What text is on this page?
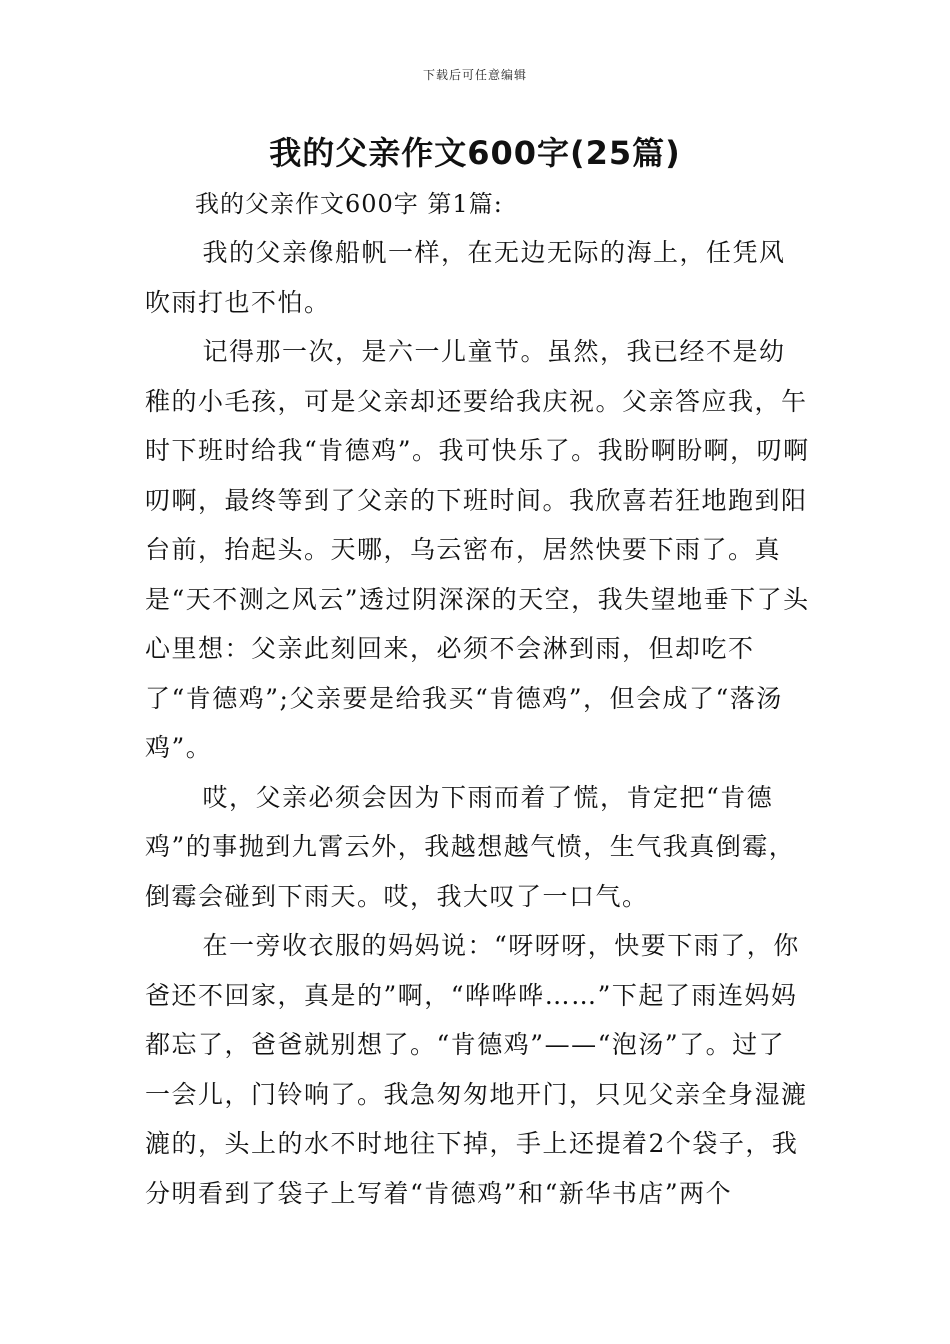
下载后可任意编辑
我的父亲作文600字(25篇)
我的父亲作文600字 第1篇:

我的父亲像船帆一样，在无边无际的海上，任凭风吹雨打也不怕。

记得那一次，是六一儿童节。虽然，我已经不是幼稚的小毛孩，可是父亲却还要给我庆祝。父亲答应我，午时下班时给我“肯德鸡”。我可快乐了。我盼啊盼啊，叨啊叨啊，最终等到了父亲的下班时间。我欣喜若狂地跑到阳台前，抬起头。天哪，乌云密布，居然快要下雨了。真是“天不测之风云”透过阴深深的天空，我失望地垂下了头心里想：父亲此刻回来，必须不会淋到雨，但却吃不了“肯德鸡”;父亲要是给我买“肯德鸡”，但会成了“落汤鸡”。

哎，父亲必须会因为下雨而着了慌，肯定把“肯德鸡”的事抛到九霄云外，我越想越气愤，生气我真倒霉，倒霉会碰到下雨天。哎，我大叹了一口气。

在一旁收衣服的妈妈说：“呀呀呀，快要下雨了，你爸还不回家，真是的”啊，“哗哗哗……”下起了雨连妈妈都忘了，爸爸就别想了。“肯德鸡”——“泡汤”了。过了一会儿，门铃响了。我急匆匆地开门，只见父亲全身湿漉漉的，头上的水不时地往下掉，手上还提着2个袋子，我分明看到了袋子上写着“肯德鸡”和“新华书店”两个
